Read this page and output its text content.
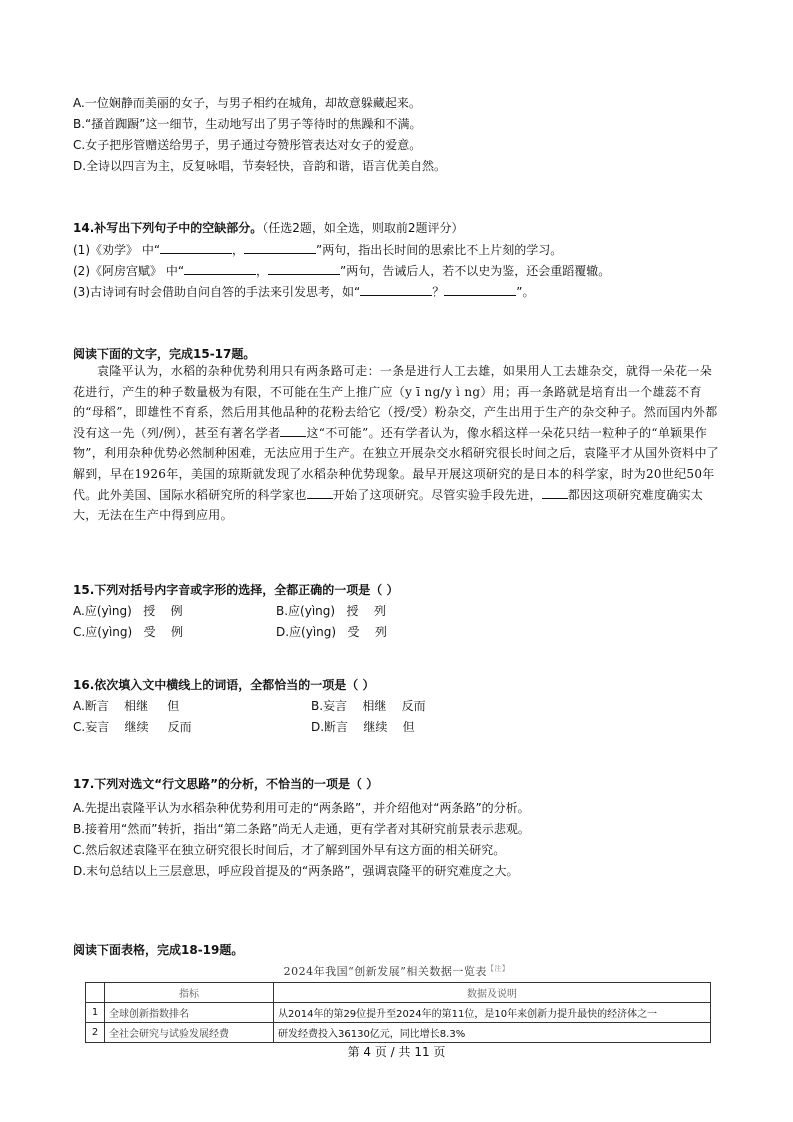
A.一位娴静而美丽的女子，与男子相约在城角，却故意躲藏起来。
B.“搔首踟蹰”这一细节，生动地写出了男子等待时的焦躁和不满。
C.女子把彤管赠送给男子，男子通过夸赞彤管表达对女子的爱意。
D.全诗以四言为主，反复咏唱，节奏轻快，音韵和谐，语言优美自然。
14.补写出下列句子中的空缺部分。（任选2题，如全选，则取前2题评分）
(1)《劝学》 中“	，	”两句，指出长时间的思索比不上片刻的学习。
(2)《阿房宫赋》 中“	，	”两句，告诫后人，若不以史为鉴，还会重蹈覆辙。
(3)古诗词有时会借助自问自答的手法来引发思考，如“	？	”。
阅读下面的文字，完成15-17题。
袁隆平认为，水稻的杂种优势利用只有两条路可走：一条是进行人工去雄，如果用人工去雄杂交，就得一朵花一朵花进行，产生的种子数量极为有限，不可能在生产上推广应（y ī ng/y ì ng）用；再一条路就是培育出一个雄蕊不育的“母稻”，即雄性不育系，然后用其他品种的花粉去给它（授/受）粉杂交，产生出用于生产的杂交种子。然而国内外都没有这一先（列/例），甚至有著名学者 这“不可能”。还有学者认为，像水稻这样一朵花只结一粒种子的“单颖果作物”，利用杂种优势必然制种困难，无法应用于生产。在独立开展杂交水稻研究很长时间之后，袁隆平才从国外资料中了解到，早在1926年，美国的琼斯就发现了水稻杂种优势现象。最早开展这项研究的是日本的科学家，时为20世纪50年代。此外美国、国际水稻研究所的科学家也 开始了这项研究。尽管实验手段先进， 都因这项研究难度确实太大，无法在生产中得到应用。
15.下列对括号内字音或字形的选择，全都正确的一项是（ ）
A.应(yìng) 授 例	B.应(yìng) 授 列
C.应(yìng) 受 例	D.应(yìng) 受 列
16.依次填入文中横线上的词语，全都恰当的一项是（ ）
A.断言 相继 但	B.妄言 相继 反而
C.妄言 继续 反而	D.断言 继续 但
17.下列对选文“行文思路”的分析，不恰当的一项是（ ）
A.先提出袁隆平认为水稻杂种优势利用可走的“两条路”，并介绍他对“两条路”的分析。
B.接着用“然而”转折，指出“第二条路”尚无人走通，更有学者对其研究前景表示悲观。
C.然后叙述袁隆平在独立研究很长时间后，才了解到国外早有这方面的相关研究。
D.末句总结以上三层意思，呼应段首提及的“两条路”，强调袁隆平的研究难度之大。
阅读下面表格，完成18-19题。
2024年我国“创新发展”相关数据一览表$^{【注】}$
	指标	数据及说明
1	全球创新指数排名	从2014年的第29位提升至2024年的第11位，是10年来创新力提升最快的经济体之一
2	全社会研究与试验发展经费	研发经费投入36130亿元，同比增长8.3%
第 4 页 / 共 11 页
